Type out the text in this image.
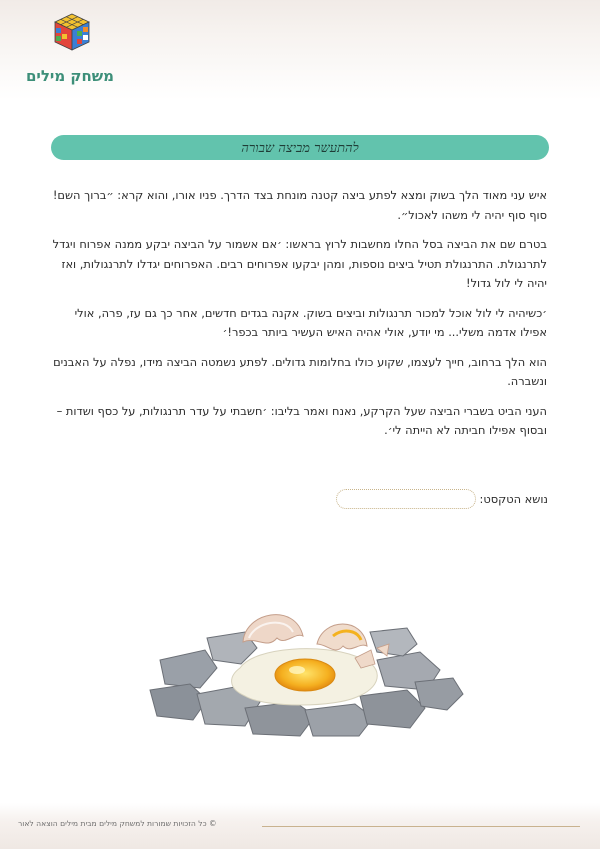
משחק מילים
להתעשר מביצה שבורה

איש עני מאוד הלך בשוק ומצא לפתע ביצה קטנה מונחת בצד הדרך. פניו אורו, והוא קרא: ״ברוך השם! סוף סוף יהיה לי משהו לאכול״.

בטרם שם את הביצה בסל החלו מחשבות לרוץ בראשו: ׳אם אשמור על הביצה יבקע ממנה אפרוח ויגדל לתרנגולת. התרנגולת תטיל ביצים נוספות, ומהן יבקעו אפרוחים רבים. האפרוחים יגדלו לתרנגולות, ואז יהיה לי לול גדול!

׳כשיהיה לי לול אוכל למכור תרנגולות וביצים בשוק. אקנה בגדים חדשים, אחר כך גם עז, פרה, אולי אפילו אדמה משלי... מי יודע, אולי אהיה האיש העשיר ביותר בכפר!׳

הוא הלך ברחוב, חייך לעצמו, שקוע כולו בחלומות גדולים. לפתע נשמטה הביצה מידו, נפלה על האבנים ונשברה.

העני הביט בשברי הביצה שעל הקרקע, נאנח ואמר בליבו: ׳חשבתי על עדר תרנגולות, על כסף ושדות – ובסוף אפילו חביתה לא הייתה לי׳.

נושא הטקסט:
© כל הזכויות שמורות למשחק מילים מבית מילים הוצאה לאור
